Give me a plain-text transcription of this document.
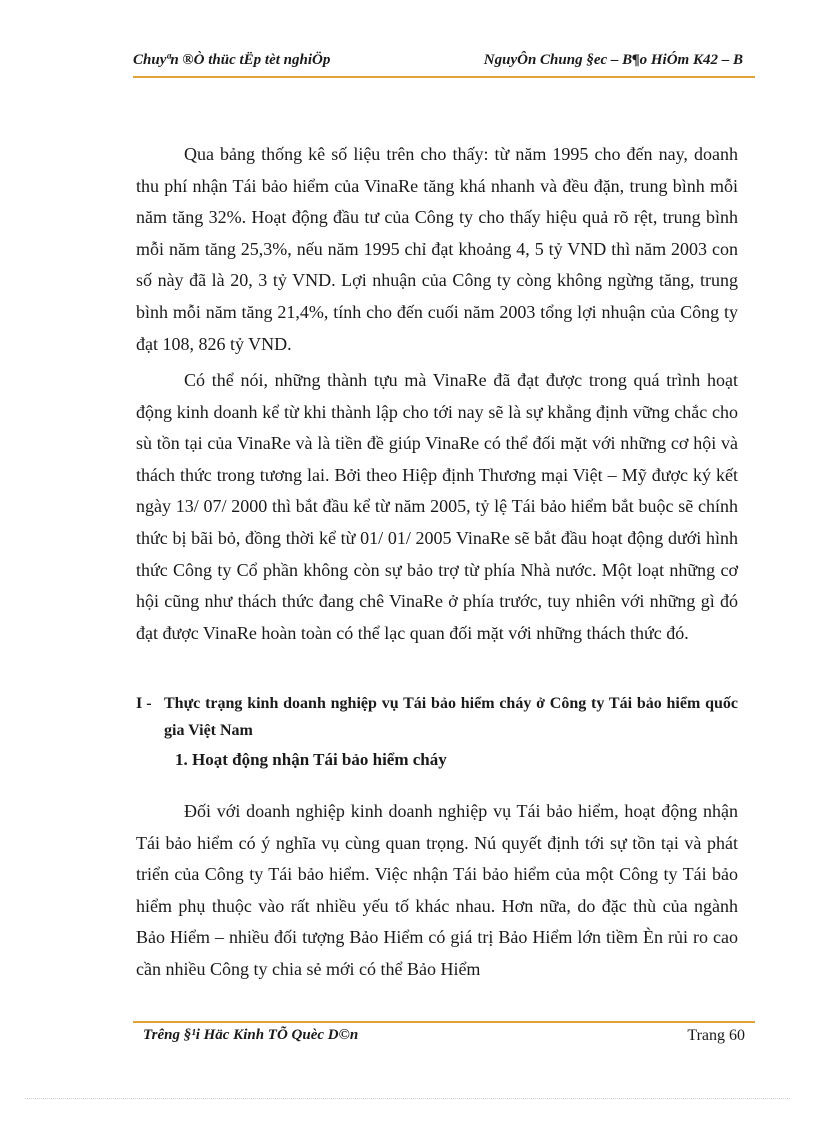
Chuyªn ®Ò thüc tËp tèt nghiÖp	NguyÔn Chung §ec – B¶o HiÓm K42 – B

Qua bảng thống kê số liệu trên cho thấy: từ năm 1995 cho đến nay, doanh thu phí nhận Tái bảo hiểm của VinaRe tăng khá nhanh và đều đặn, trung bình mỗi năm tăng 32%. Hoạt động đầu tư của Công ty cho thấy hiệu quả rõ rệt, trung bình mỗi năm tăng 25,3%, nếu năm 1995 chỉ đạt khoảng 4, 5 tỷ VND thì năm 2003 con số này đã là 20, 3 tỷ VND. Lợi nhuận của Công ty còng không ngừng tăng, trung bình mỗi năm tăng 21,4%, tính cho đến cuối năm 2003 tổng lợi nhuận của Công ty đạt 108, 826 tỷ VND.

Có thể nói, những thành tựu mà VinaRe đã đạt được trong quá trình hoạt động kinh doanh kể từ khi thành lập cho tới nay sẽ là sự khẳng định vững chắc cho sù tồn tại của VinaRe và là tiền đề giúp VinaRe có thể đối mặt với những cơ hội và thách thức trong tương lai. Bởi theo Hiệp định Thương mại Việt – Mỹ được ký kết ngày 13/ 07/ 2000 thì bắt đầu kể từ năm 2005, tỷ lệ Tái bảo hiểm bắt buộc sẽ chính thức bị bãi bỏ, đồng thời kể từ 01/ 01/ 2005 VinaRe sẽ bắt đầu hoạt động dưới hình thức Công ty Cổ phần không còn sự bảo trợ từ phía Nhà nước. Một loạt những cơ hội cũng như thách thức đang chê VinaRe ở phía trước, tuy nhiên với những gì đó đạt được VinaRe hoàn toàn có thể lạc quan đối mặt với những thách thức đó.

I - Thực trạng kinh doanh nghiệp vụ Tái bảo hiểm cháy ở Công ty Tái bảo hiểm quốc gia Việt Nam
1. Hoạt động nhận Tái bảo hiểm cháy

Đối với doanh nghiệp kinh doanh nghiệp vụ Tái bảo hiểm, hoạt động nhận Tái bảo hiểm có ý nghĩa vụ cùng quan trọng. Nú quyết định tới sự tồn tại và phát triển của Công ty Tái bảo hiểm. Việc nhận Tái bảo hiểm của một Công ty Tái bảo hiểm phụ thuộc vào rất nhiều yếu tố khác nhau. Hơn nữa, do đặc thù của ngành Bảo Hiểm – nhiều đối tượng Bảo Hiểm có giá trị Bảo Hiểm lớn tiềm Èn rủi ro cao cần nhiều Công ty chia sẻ mới có thể Bảo Hiểm

Trêng §¹i Häc Kinh TÕ Quèc D©n	Trang 60
